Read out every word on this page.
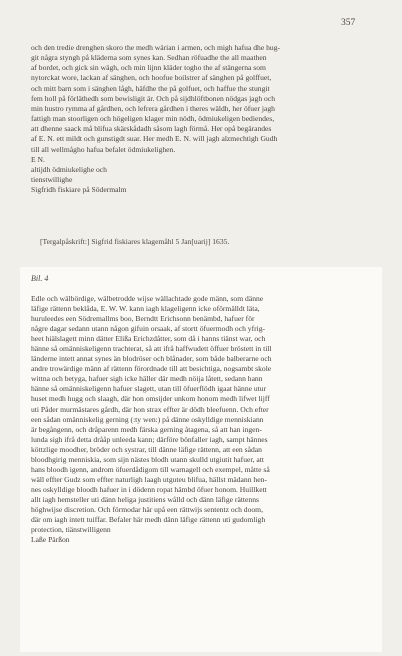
357

och den tredie drenghen skoro the medh wärian i armen, och migh hafua dhe hug-

git några styngh på kläderna som synes kan. Sedhan röfuadhe the all maathen

af bordet, och gick sin wägh, och min lijnn kläder togho the af stängerna som

nytorckat wore, lackan af sänghen, och hoofue boilstrer af sänghen på golffuet,

och mitt barn som i sänghen lågh, häfdhe the på golfuet, och haffue the stungit

fem holl på förläthedh som bewisligit är. Och på sijdhlöftbonen nödgas jagh och

min hustro rymma af gårdhen, och lefrera gårdhen i theres wäldh, her öfuer jagh

fattigh man stoorligen och högeligen klager min nödh, ödmiukeligen bediendes,

att dhenne saack må blifua skärskådadh såsom lagh förmå. Her opå begärandes

af E. N. ett mildt och gunstigdt suar. Her medh E. N. will jagh alzmechtigh Gudh

till all wellmågho hafua befalet ödmiukelighen.

E N.

altijdh ödmiukelighe och

tienstwillighe

Sigfridh fiskiare på Södermalm

[Tergalpåskrift:] Sigfrid fiskiares klagemåhl 5 Jan[uarij] 1635.

Bil. 4

Edle och wälbördige, wälbetrodde wijse wällachtade gode männ, som dänne

läfige rättenn beklåda, E. W. W. kann iagh klageligenn icke oförmälldt läta,

huruleedes een Södremallms boo, Berndtt Erichsonn benämbd, hafuer för

någre dagar sedann utann någon gifuin orsaak, af stortt öfuermodh och yfrig-

heet hiälslagett minn dätter Elißa Erichzdåtter, som då i hanns tiänst war, och

hänne så omänniskeligenn trachterat, så att ifrå haffwudett öffuer bröstett in till

länderne intett annat synes än blodröser och blånader, som både balberarne och

andre trowärdige männ af rättenn förordnade till att besichtiga, nogsambt skole

wittna och betyga, hafuer sigh icke häller där medh nöija låtett, sedann hann

hänne så omänniskeligenn hafuer slagett, utan till öfuerflödh igaat hänne utur

huset medh hugg och slaagh, där hon omsijder unkom honom medh lifwet lijff

uti Påder murmästares gårdh, där hon strax effter är dödh bleefuenn. Och efter

een sådan omänniskelig gerning (:ty wen:) på dänne oskylldige menniskiann

är begångenn, och dråparenn medh färska gerning åtagena, så att han ingen-

lunda sigh ifrå detta drååp unleeda kann; därföre bönfaller iagh, sampt hännes

köttzlige moodher, bröder och systrar, till dänne läfige rättenn, att een sådan

bloodhgirig menniskia, som sijn nästes blodh utann skulld utgiutit hafuer, att

hans bloodh igenn, androm öfuerdådigom till warnagell och exempel, måtte så

wäll effter Gudz som effter naturligh laagh utguteu blifua, hällst mädann hen-

nes oskylldige bloodh hafuer in i dödenn ropat hämbd öfuer honom. Huillkett

allt iagh hemsteller uti dänn heliga justitiens wålld och dänn läfige rättenns

höghwijse discretion. Och förmodar här upå een rättwijs sententz och doom,

där om iagh intett tuiffar. Befaler här medh dänn läfige rättenn uti gudomligh

protection, tiänstwilligenn

Laße Pärßon
